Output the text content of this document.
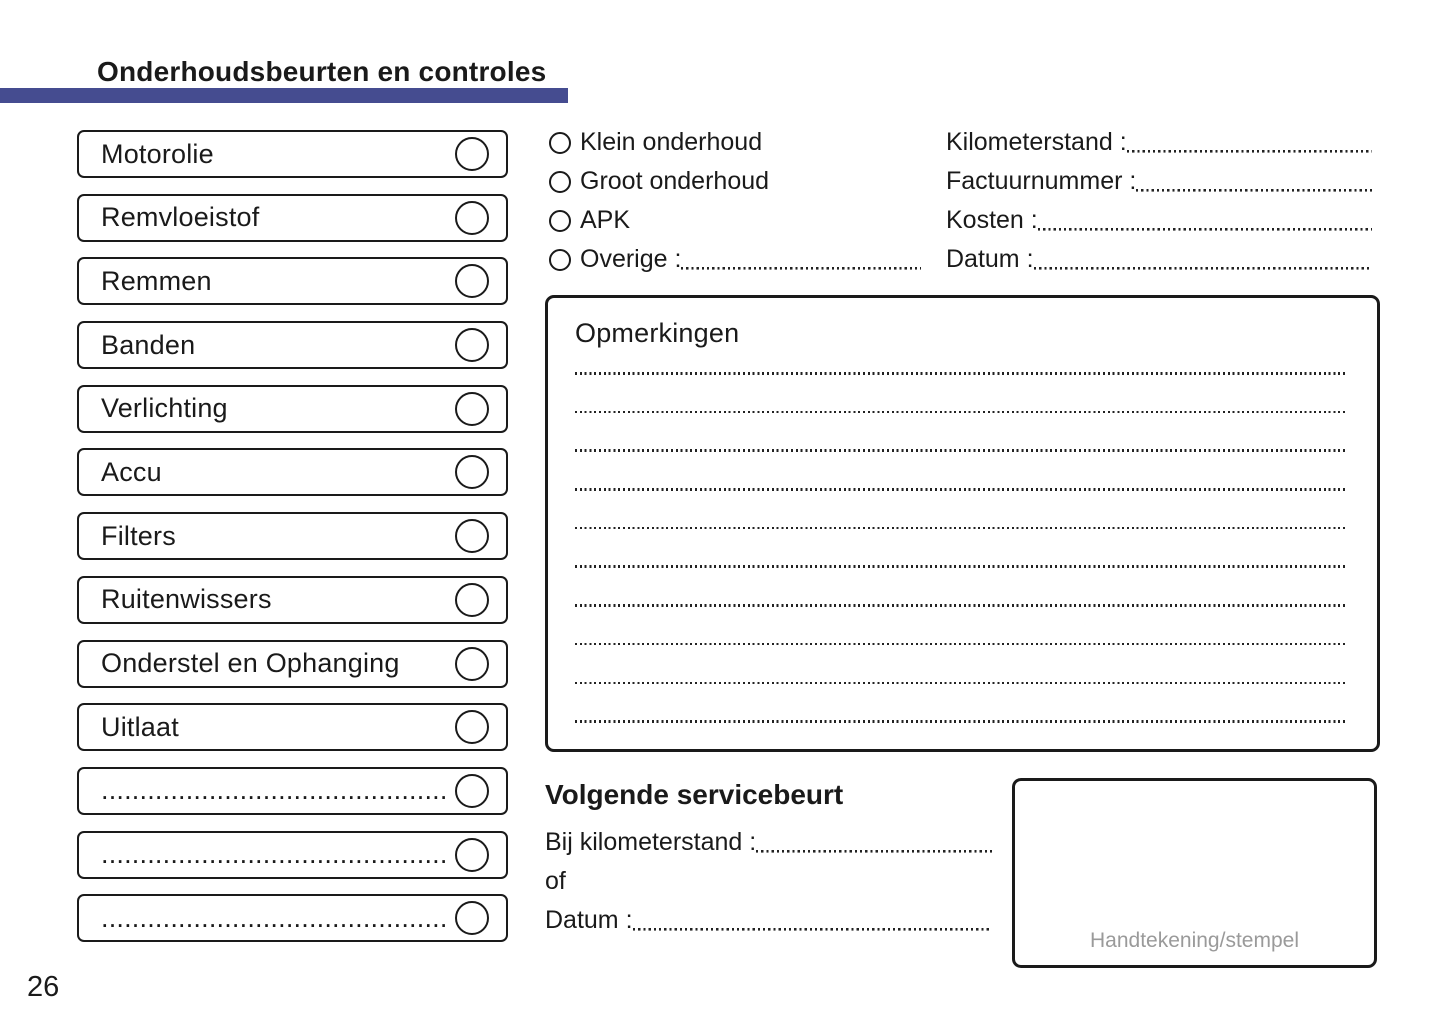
Onderhoudsbeurten en controles
Motorolie
Remvloeistof
Remmen
Banden
Verlichting
Accu
Filters
Ruitenwissers
Onderstel en Ophanging
Uitlaat
.............................................
.............................................
.............................................
Klein onderhoud
Groot onderhoud
APK
Overige :
Kilometerstand :
Factuurnummer :
Kosten :
Datum :
Opmerkingen
Volgende servicebeurt
Bij kilometerstand :
of
Datum :
Handtekening/stempel
26
